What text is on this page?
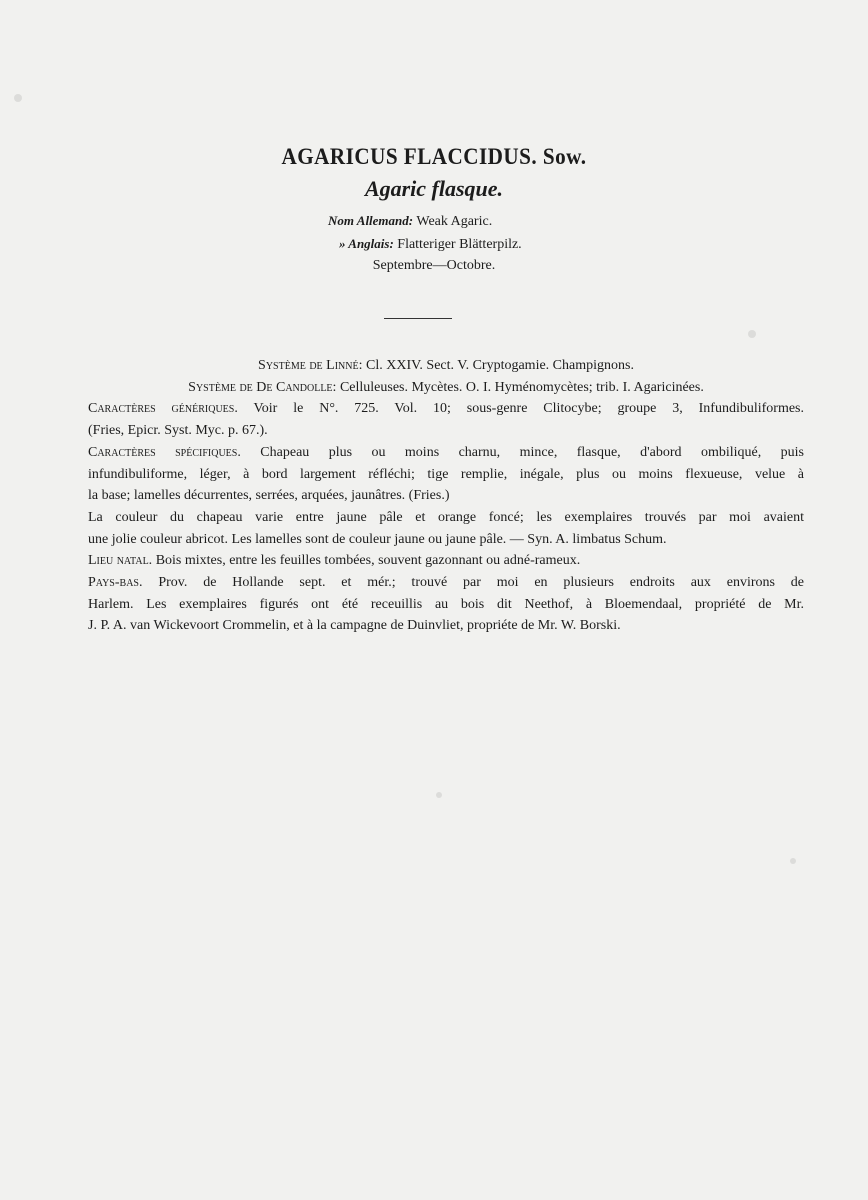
AGARICUS FLACCIDUS. Sow.
Agaric flasque.
Nom Allemand: Weak Agaric.
» Anglais: Flatteriger Blätterpilz.
Septembre—Octobre.

Système de Linné: Cl. XXIV. Sect. V. Cryptogamie. Champignons.

Système de De Candolle: Celluleuses. Mycètes. O. I. Hyménomycètes; trib. I. Agaricinées.

Caractères génériques. Voir le N°. 725. Vol. 10; sous-genre Clitocybe; groupe 3, Infundibuliformes.

(Fries, Epicr. Syst. Myc. p. 67.).

Caractères spécifiques. Chapeau plus ou moins charnu, mince, flasque, d'abord ombiliqué, puis

infundibuliforme, léger, à bord largement réfléchi; tige remplie, inégale, plus ou moins flexueuse, velue à

la base; lamelles décurrentes, serrées, arquées, jaunâtres. (Fries.)

La couleur du chapeau varie entre jaune pâle et orange foncé; les exemplaires trouvés par moi avaient

une jolie couleur abricot. Les lamelles sont de couleur jaune ou jaune pâle. — Syn. A. limbatus Schum.

Lieu natal. Bois mixtes, entre les feuilles tombées, souvent gazonnant ou adné-rameux.

Pays-bas. Prov. de Hollande sept. et mér.; trouvé par moi en plusieurs endroits aux environs de

Harlem. Les exemplaires figurés ont été receuillis au bois dit Neethof, à Bloemendaal, propriété de Mr.

J. P. A. van Wickevoort Crommelin, et à la campagne de Duinvliet, propriéte de Mr. W. Borski.
